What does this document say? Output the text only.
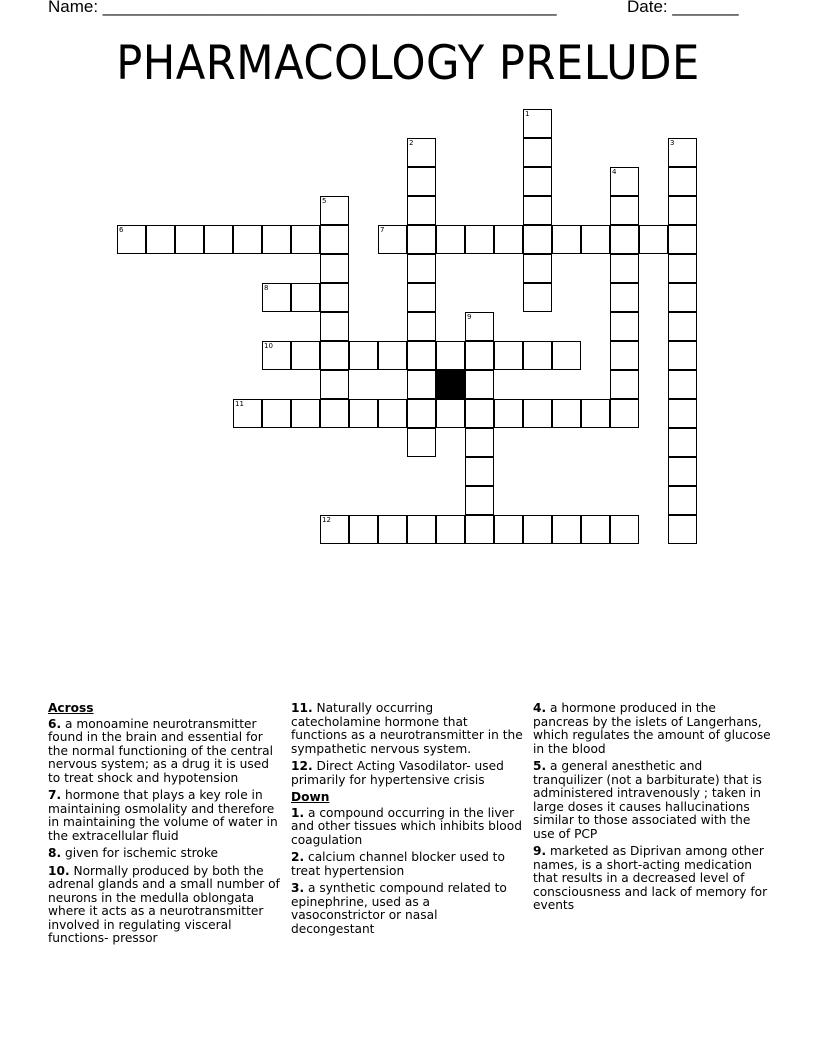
Name: ________________________________________________	Date: _______
PHARMACOLOGY PRELUDE
1
2	3
4
5
6	7
8
9
10
11
12
Across
6. a monoamine neurotransmitter found in the brain and essential for the normal functioning of the central nervous system; as a drug it is used to treat shock and hypotension
7. hormone that plays a key role in maintaining osmolality and therefore in maintaining the volume of water in the extracellular fluid
8. given for ischemic stroke
10. Normally produced by both the adrenal glands and a small number of neurons in the medulla oblongata where it acts as a neurotransmitter involved in regulating visceral functions- pressor
11. Naturally occurring catecholamine hormone that functions as a neurotransmitter in the sympathetic nervous system.
12. Direct Acting Vasodilator- used primarily for hypertensive crisis
Down
1. a compound occurring in the liver and other tissues which inhibits blood coagulation
2. calcium channel blocker used to treat hypertension
3. a synthetic compound related to epinephrine, used as a vasoconstrictor or nasal decongestant
4. a hormone produced in the pancreas by the islets of Langerhans, which regulates the amount of glucose in the blood
5. a general anesthetic and tranquilizer (not a barbiturate) that is administered intravenously ; taken in large doses it causes hallucinations similar to those associated with the use of PCP
9. marketed as Diprivan among other names, is a short-acting medication that results in a decreased level of consciousness and lack of memory for events
